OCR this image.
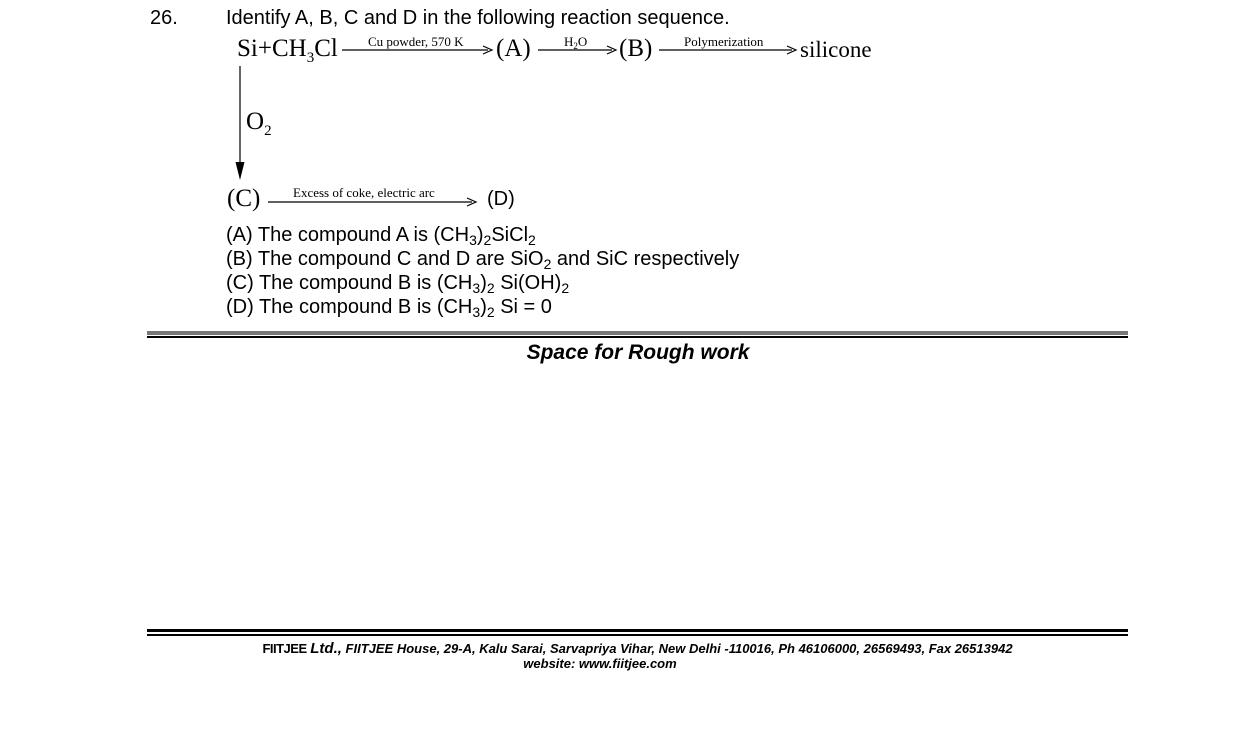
26. Identify A, B, C and D in the following reaction sequence.
$Si+CH_3Cl$ Cu powder, 570 K (A)	$H_2O$ (B) Polymerization silicone
$O_2$
(C)	Excess of coke, electric arc	(D)
(A) The compound A is $(CH_3)_2SiCl_2$
(B) The compound C and D are SiO$_2$ and SiC respectively
(C) The compound B is $(CH_3)_2$ $Si(OH)_2$
(D) The compound B is $(CH_3)_2$ Si = 0
Space for Rough work
FIITJEE Ltd., FIITJEE House, 29-A, Kalu Sarai, Sarvapriya Vihar, New Delhi -110016, Ph 46106000, 26569493, Fax 26513942
website: www.fiitjee.com
